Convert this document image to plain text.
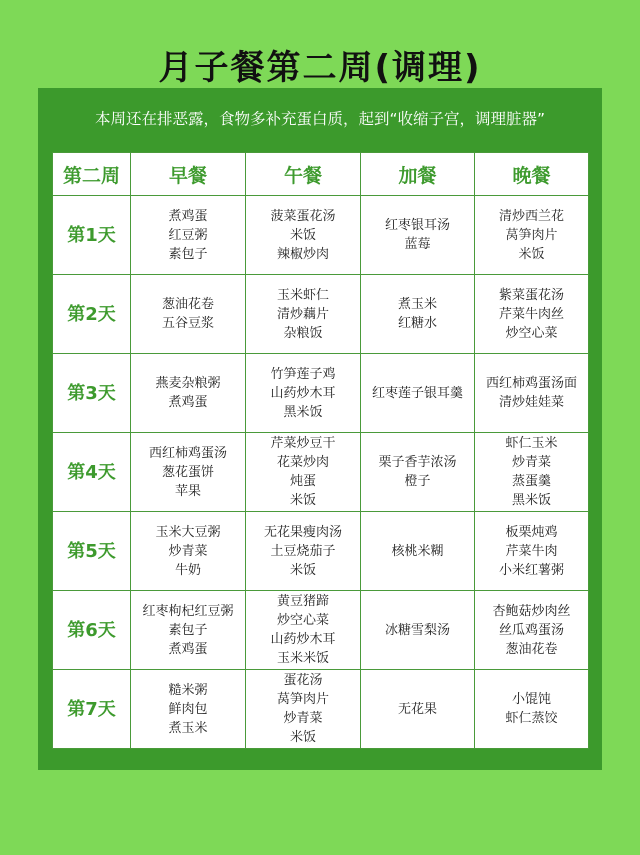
月子餐第二周(调理)
本周还在排恶露，食物多补充蛋白质，起到“收缩子宫，调理脏器”
第二周	早餐	午餐	加餐	晚餐
第1天	煮鸡蛋
红豆粥
素包子	菠菜蛋花汤
米饭
辣椒炒肉	红枣银耳汤
蓝莓	清炒西兰花
莴笋肉片
米饭

第2天	葱油花卷
五谷豆浆	玉米虾仁
清炒藕片
杂粮饭	煮玉米
红糖水	紫菜蛋花汤
芹菜牛肉丝
炒空心菜

第3天	燕麦杂粮粥
煮鸡蛋	竹笋莲子鸡
山药炒木耳
黑米饭	红枣莲子银耳羹	西红柿鸡蛋汤面
清炒娃娃菜

第4天	西红柿鸡蛋汤
葱花蛋饼
苹果	芹菜炒豆干
花菜炒肉
炖蛋
米饭	栗子香芋浓汤
橙子	虾仁玉米
炒青菜
蒸蛋羹
黑米饭

第5天	玉米大豆粥
炒青菜
牛奶	无花果瘦肉汤
土豆烧茄子
米饭	核桃米糊	板栗炖鸡
芹菜牛肉
小米红薯粥

第6天	红枣枸杞红豆粥
素包子
煮鸡蛋	黄豆猪蹄
炒空心菜
山药炒木耳
玉米米饭	冰糖雪梨汤	杏鲍菇炒肉丝
丝瓜鸡蛋汤
葱油花卷

第7天	糙米粥
鲜肉包
煮玉米	蛋花汤
莴笋肉片
炒青菜
米饭	无花果	小馄饨
虾仁蒸饺
